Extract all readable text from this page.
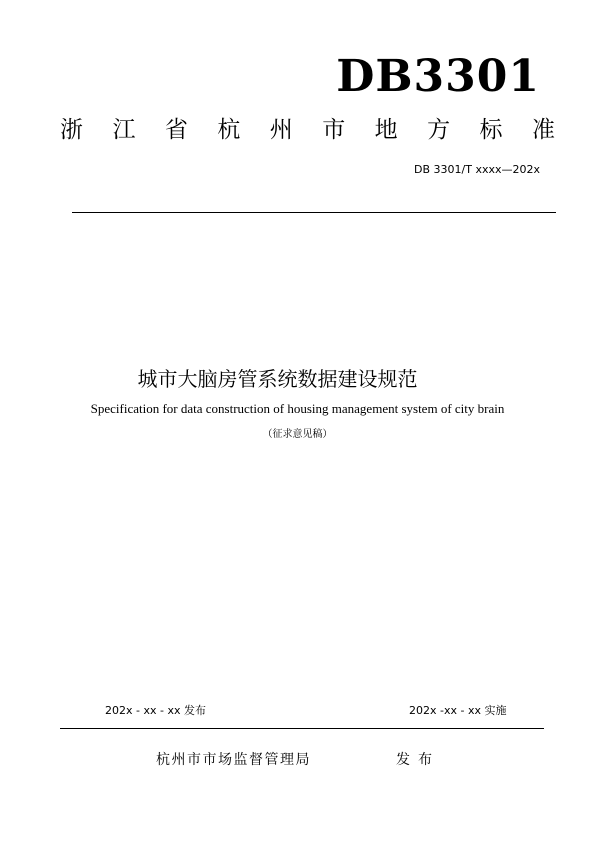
DB3301
浙 江 省 杭 州 市 地 方 标 准
DB 3301/T xxxx—202x
城市大脑房管系统数据建设规范
Specification for data construction of housing management system of city brain
（征求意见稿）
202x - xx - xx 发布	202x -xx - xx 实施
杭州市市场监督管理局	发布
